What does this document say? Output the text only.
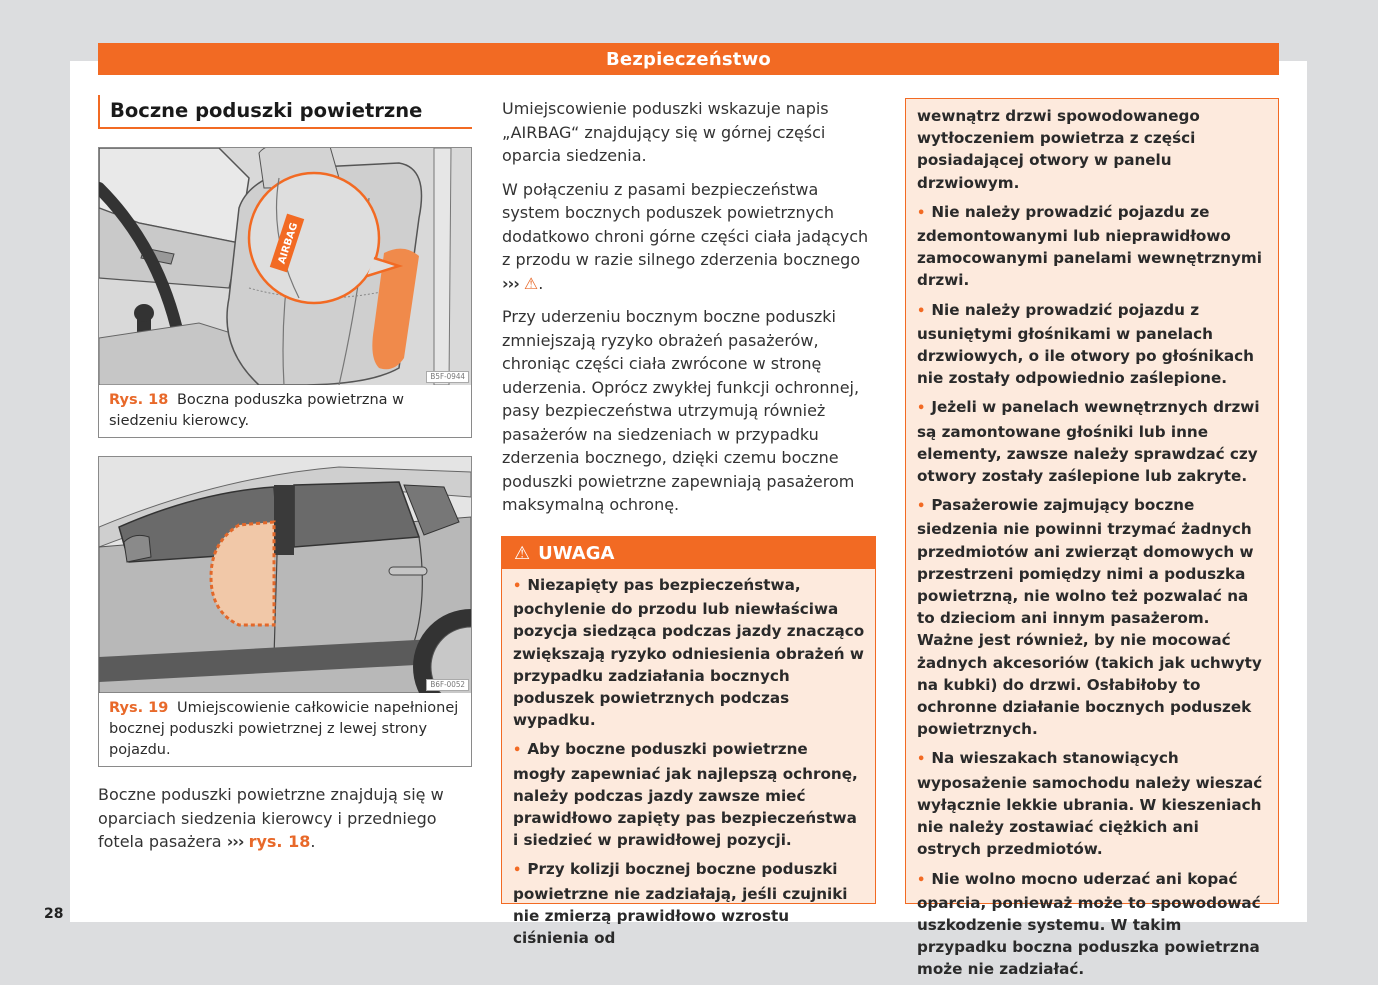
Bezpieczeństwo
Boczne poduszki powietrzne
AIRBAG
B5F-0944
Rys. 18 Boczna poduszka powietrzna w siedzeniu kierowcy.
B6F-0052
Rys. 19 Umiejscowienie całkowicie napełnionej bocznej poduszki powietrznej z lewej strony pojazdu.
Boczne poduszki powietrzne znajdują się w oparciach siedzenia kierowcy i przedniego fotela pasażera ››› rys. 18.

Umiejscowienie poduszki wskazuje napis „AIRBAG“ znajdujący się w górnej części oparcia siedzenia.

W połączeniu z pasami bezpieczeństwa system bocznych poduszek powietrznych dodatkowo chroni górne części ciała jadących z przodu w razie silnego zderzenia bocznego ››› ⚠.

Przy uderzeniu bocznym boczne poduszki zmniejszają ryzyko obrażeń pasażerów, chroniąc części ciała zwrócone w stronę uderzenia. Oprócz zwykłej funkcji ochronnej, pasy bezpieczeństwa utrzymują również pasażerów na siedzeniach w przypadku zderzenia bocznego, dzięki czemu boczne poduszki powietrzne zapewniają pasażerom maksymalną ochronę.

⚠ UWAGA

• Niezapięty pas bezpieczeństwa, pochylenie do przodu lub niewłaściwa pozycja siedząca podczas jazdy znacząco zwiększają ryzyko odniesienia obrażeń w przypadku zadziałania bocznych poduszek powietrznych podczas wypadku.

• Aby boczne poduszki powietrzne mogły zapewniać jak najlepszą ochronę, należy podczas jazdy zawsze mieć prawidłowo zapięty pas bezpieczeństwa i siedzieć w prawidłowej pozycji.

• Przy kolizji bocznej boczne poduszki powietrzne nie zadziałają, jeśli czujniki nie zmierzą prawidłowo wzrostu ciśnienia od

wewnątrz drzwi spowodowanego wytłoczeniem powietrza z części posiadającej otwory w panelu drzwiowym.

• Nie należy prowadzić pojazdu ze zdemontowanymi lub nieprawidłowo zamocowanymi panelami wewnętrznymi drzwi.

• Nie należy prowadzić pojazdu z usuniętymi głośnikami w panelach drzwiowych, o ile otwory po głośnikach nie zostały odpowiednio zaślepione.

• Jeżeli w panelach wewnętrznych drzwi są zamontowane głośniki lub inne elementy, zawsze należy sprawdzać czy otwory zostały zaślepione lub zakryte.

• Pasażerowie zajmujący boczne siedzenia nie powinni trzymać żadnych przedmiotów ani zwierząt domowych w przestrzeni pomiędzy nimi a poduszka powietrzną, nie wolno też pozwalać na to dzieciom ani innym pasażerom. Ważne jest również, by nie mocować żadnych akcesoriów (takich jak uchwyty na kubki) do drzwi. Osłabiłoby to ochronne działanie bocznych poduszek powietrznych.

• Na wieszakach stanowiących wyposażenie samochodu należy wieszać wyłącznie lekkie ubrania. W kieszeniach nie należy zostawiać ciężkich ani ostrych przedmiotów.

• Nie wolno mocno uderzać ani kopać oparcia, ponieważ może to spowodować uszkodzenie systemu. W takim przypadku boczna poduszka powietrzna może nie zadziałać.

28
